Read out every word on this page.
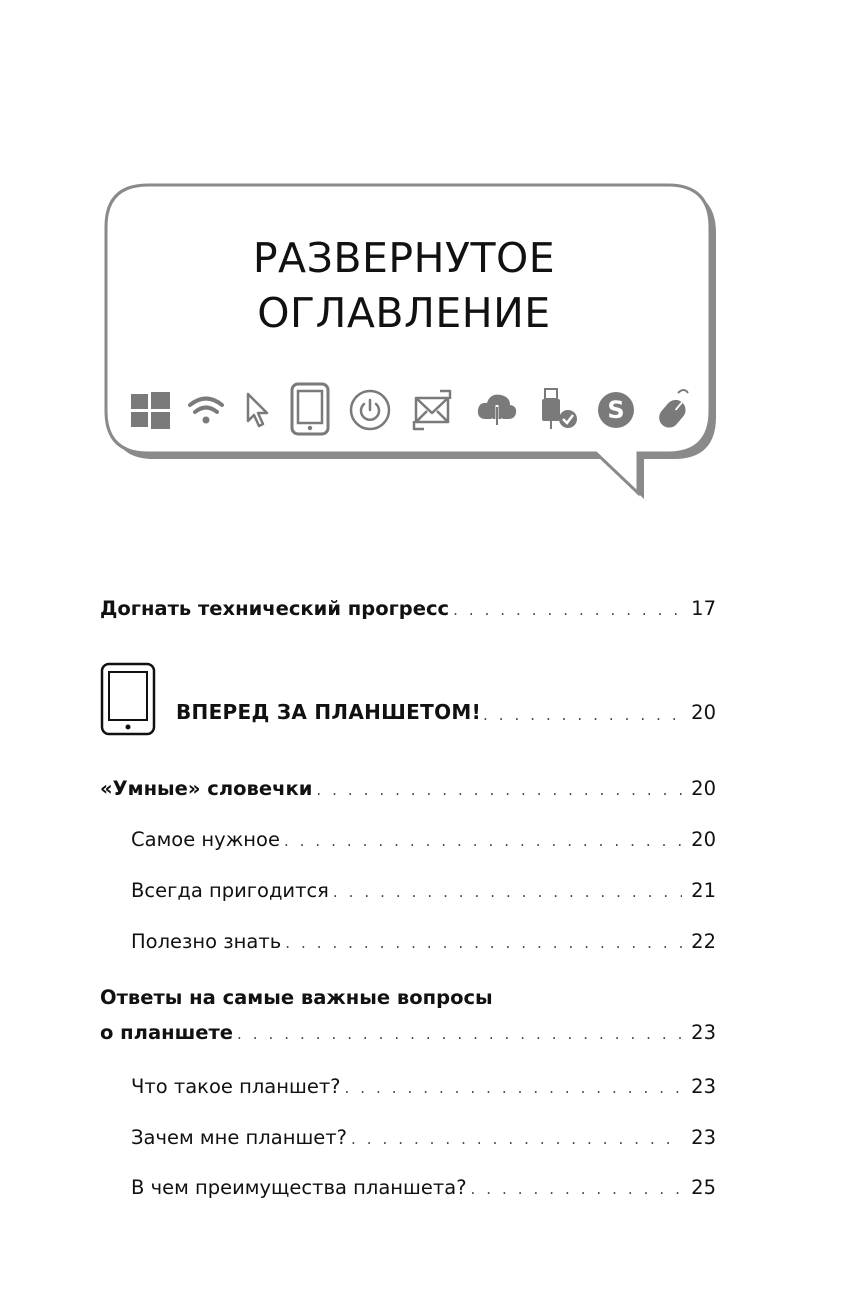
РАЗВЕРНУТОЕ
ОГЛАВЛЕНИЕ
S
Догнать технический прогресс . . .	17
ВПЕРЕД ЗА ПЛАНШЕТОМ! . . .	20
«Умные» словечки . . .	20
Самое нужное . . .	20
Всегда пригодится . . .	21
Полезно знать . . .	22
Ответы на самые важные вопросы
о планшете . . .	23
Что такое планшет? . . .	23
Зачем мне планшет? . . .	23
В чем преимущества планшета? . . .	25
